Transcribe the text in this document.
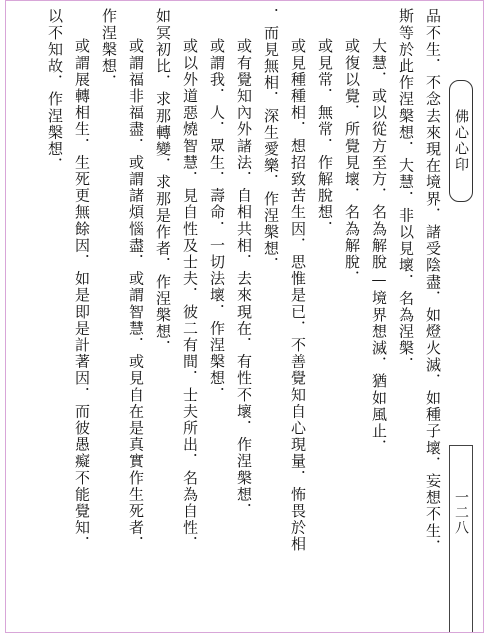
品不生．不念去來現在境界．諸受陰盡．如燈火滅．如種子壞．妄想不生．
斯等於此作涅槃想．大慧．非以見壞．名為涅槃．
大慧．或以從方至方．名為解脫—境界想滅．猶如風止．
或復以覺．所覺見壞．名為解脫．
或見常．無常．作解脫想．
或見種種相．想招致苦生因．思惟是已．不善覺知自心現量．怖畏於相
．而見無相．深生愛樂．作涅槃想．
或有覺知內外諸法．自相共相．去來現在．有性不壞．作涅槃想．
或謂我．人．眾生．壽命．一切法壞．作涅槃想．
或以外道惡燒智慧．見自性及士夫．彼二有間．士夫所出．名為自性．
如冥初比．求那轉變．求那是作者．作涅槃想．
或謂福非福盡．或謂諸煩惱盡．或謂智慧．或見自在是真實作生死者．
作涅槃想．
或謂展轉相生．生死更無餘因．如是即是計著因．而彼愚癡不能覺知．
以不知故．作涅槃想．	佛心心印
一二八
